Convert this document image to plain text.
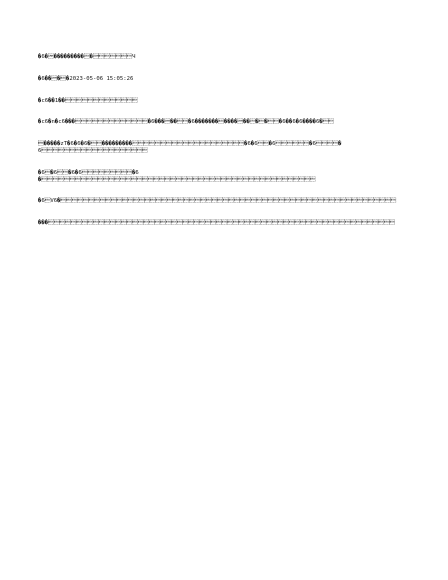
�6�����������Ч

�6����2023-05-06 15:05:26

�c6��1��

�c6�n�c6����6������6����������������6��6�6����6�

�����zT�6�6�6�����������6�6�6�6�6

�6�6�6�6�6�

�6V6�

���
